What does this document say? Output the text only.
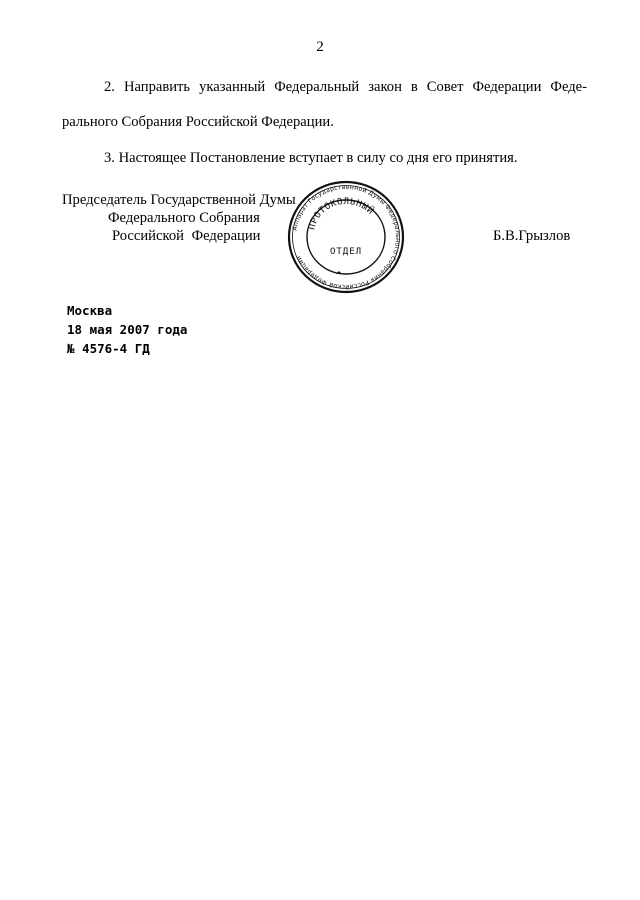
2
2. Направить указанный Федеральный закон в Совет Федерации Феде-
рального Собрания Российской Федерации.
3. Настоящее Постановление вступает в силу со дня его принятия.
Председатель Государственной Думы
Федерального Собрания
Российской Федерации	Б.В.Грызлов
Аппарат Государственной Думы Федерального Собрания Российской Федерации
ПРОТОКОЛЬНЫЙ
ОТДЕЛ
Москва
18 мая 2007 года
№ 4576-4 ГД
